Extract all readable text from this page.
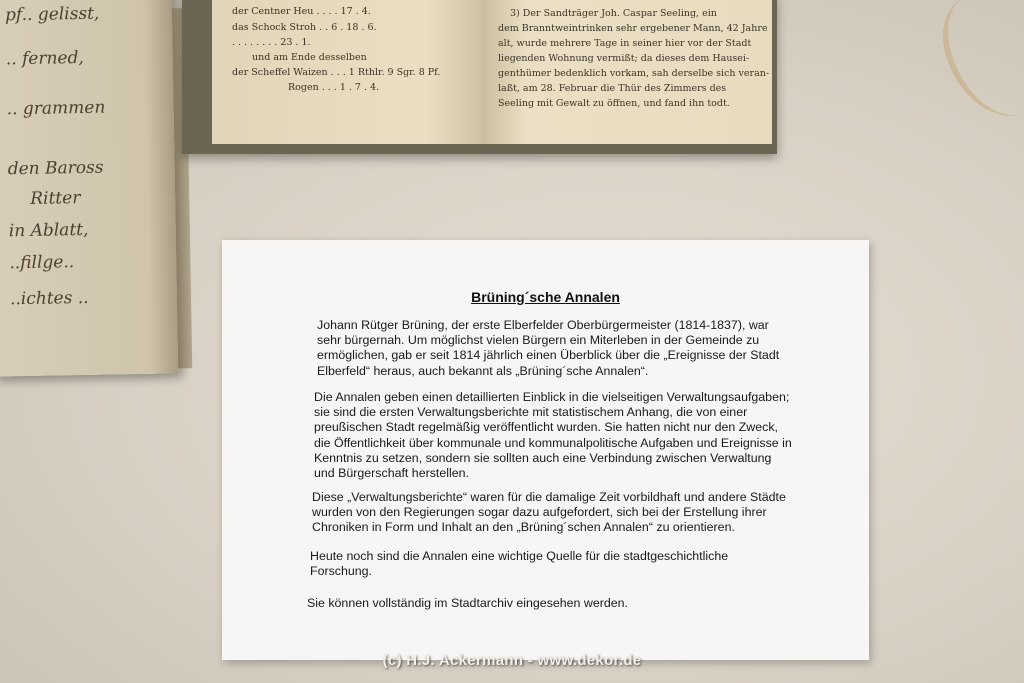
pf.. gelisst,
.. ferned,
.. grammen
den Baross
Ritter
in Ablatt,
..fillge..
..ichtes ..
der Centner Heu . . . . 17 . 4.
das Schock Stroh . . 6 . 18 . 6.
. . . . . . . . 23 . 1.
und am Ende desselben
der Scheffel Waizen . . . 1 Rthlr. 9 Sgr. 8 Pf.
Rogen . . . 1 . 7 . 4.
3) Der Sandträger Joh. Caspar Seeling, ein
dem Branntweintrinken sehr ergebener Mann, 42 Jahre
alt, wurde mehrere Tage in seiner hier vor der Stadt
liegenden Wohnung vermißt; da dieses dem Hausei-
genthümer bedenklich vorkam, sah derselbe sich veran-
laßt, am 28. Februar die Thür des Zimmers des
Seeling mit Gewalt zu öffnen, und fand ihn todt.
Brüning´sche Annalen
Johann Rütger Brüning, der erste Elberfelder Oberbürgermeister (1814-1837), war sehr bürgernah. Um möglichst vielen Bürgern ein Miterleben in der Gemeinde zu ermöglichen, gab er seit 1814 jährlich einen Überblick über die „Ereignisse der Stadt Elberfeld“ heraus, auch bekannt als „Brüning´sche Annalen“.
Die Annalen geben einen detaillierten Einblick in die vielseitigen Verwaltungsaufgaben; sie sind die ersten Verwaltungsberichte mit statistischem Anhang, die von einer preußischen Stadt regelmäßig veröffentlicht wurden. Sie hatten nicht nur den Zweck, die Öffentlichkeit über kommunale und kommunalpolitische Aufgaben und Ereignisse in Kenntnis zu setzen, sondern sie sollten auch eine Verbindung zwischen Verwaltung und Bürgerschaft herstellen.
Diese „Verwaltungsberichte“ waren für die damalige Zeit vorbildhaft und andere Städte wurden von den Regierungen sogar dazu aufgefordert, sich bei der Erstellung ihrer Chroniken in Form und Inhalt an den „Brüning´schen Annalen“ zu orientieren.
Heute noch sind die Annalen eine wichtige Quelle für die stadtgeschichtliche Forschung.
Sie können vollständig im Stadtarchiv eingesehen werden.
(c) H.J. Ackermann - www.dekor.de
